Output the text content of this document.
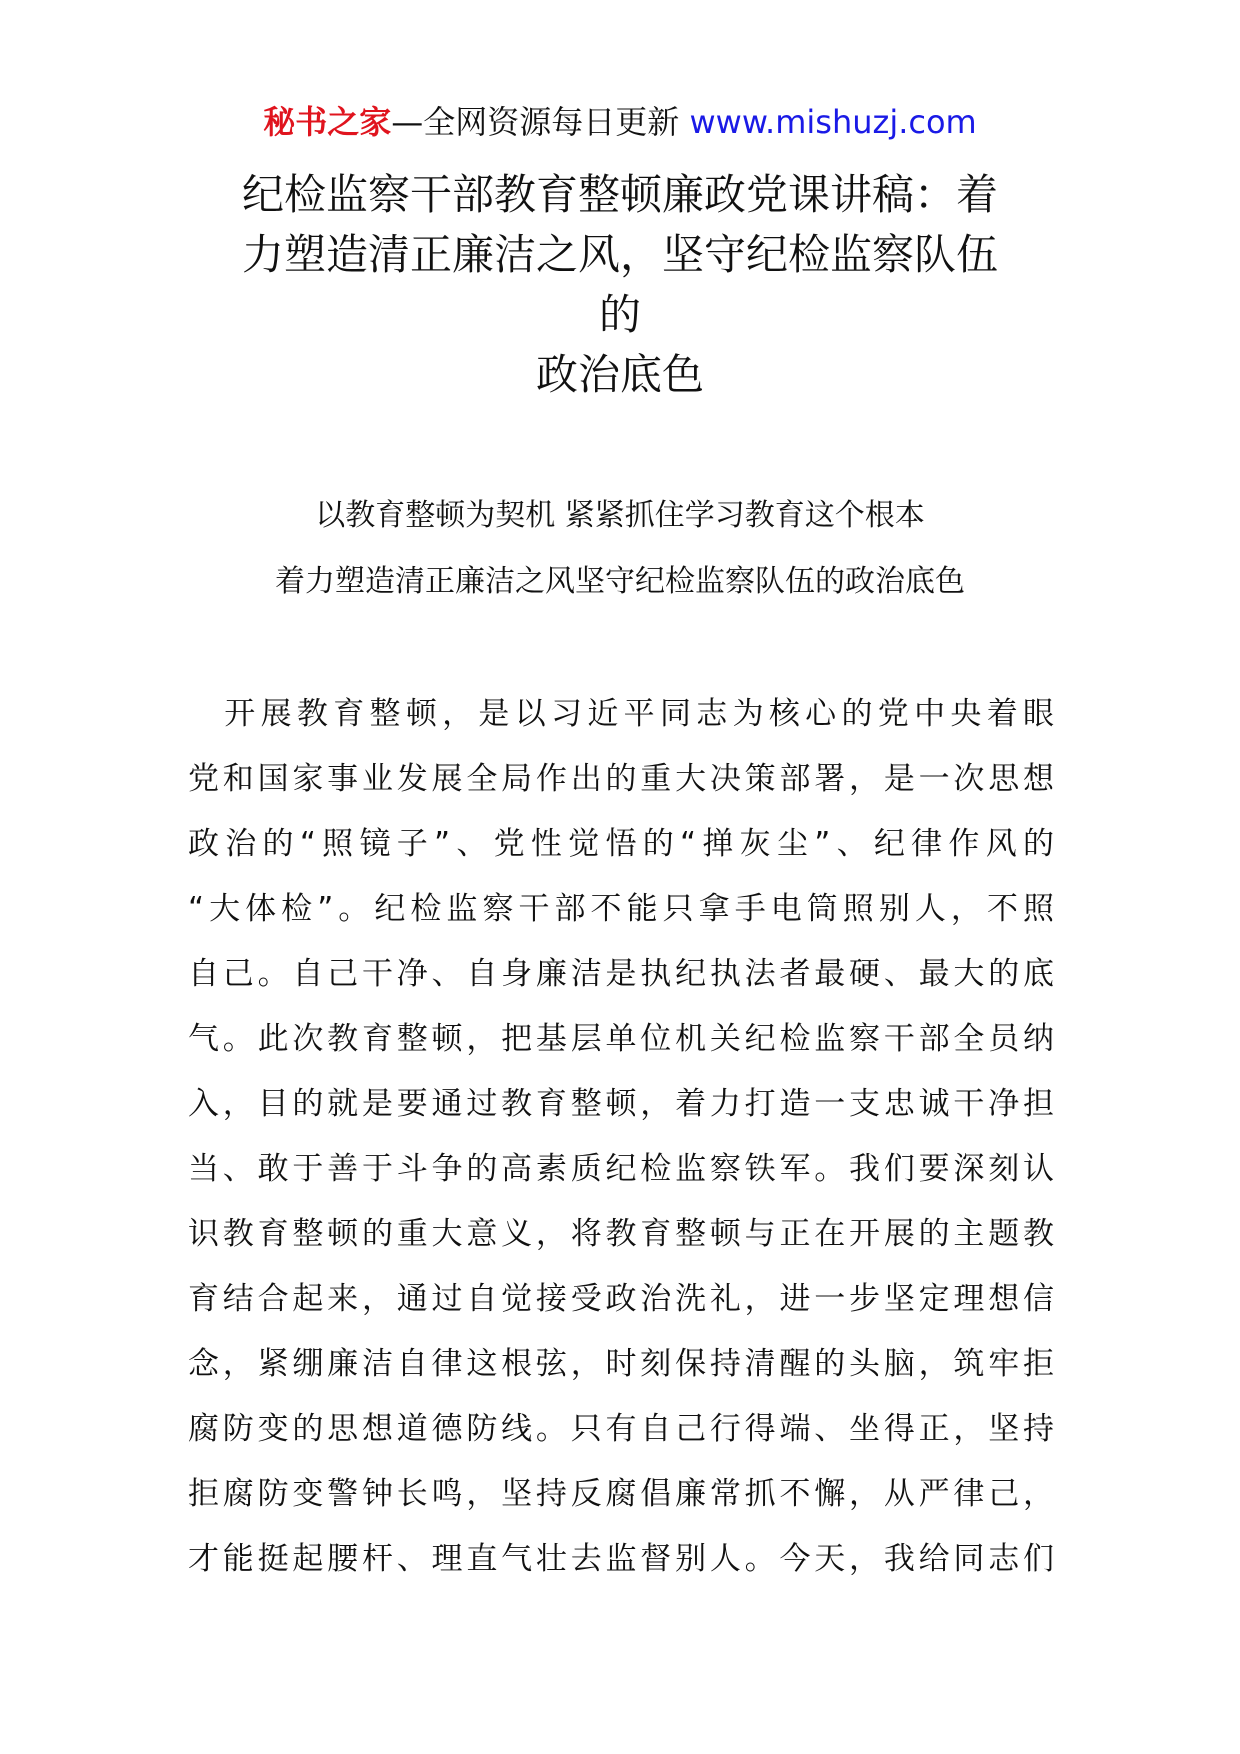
秘书之家—全网资源每日更新 www.mishuzj.com
纪检监察干部教育整顿廉政党课讲稿：着
力塑造清正廉洁之风，坚守纪检监察队伍
的
政治底色
以教育整顿为契机 紧紧抓住学习教育这个根本
着力塑造清正廉洁之风坚守纪检监察队伍的政治底色
　开展教育整顿，是以习近平同志为核心的党中央着眼
党和国家事业发展全局作出的重大决策部署，是一次思想
政治的“照镜子”、党性觉悟的“掸灰尘”、纪律作风的
“大体检”。纪检监察干部不能只拿手电筒照别人，不照
自己。自己干净、自身廉洁是执纪执法者最硬、最大的底
气。此次教育整顿，把基层单位机关纪检监察干部全员纳
入，目的就是要通过教育整顿，着力打造一支忠诚干净担
当、敢于善于斗争的高素质纪检监察铁军。我们要深刻认
识教育整顿的重大意义，将教育整顿与正在开展的主题教
育结合起来，通过自觉接受政治洗礼，进一步坚定理想信
念，紧绷廉洁自律这根弦，时刻保持清醒的头脑，筑牢拒
腐防变的思想道德防线。只有自己行得端、坐得正，坚持
拒腐防变警钟长鸣，坚持反腐倡廉常抓不懈，从严律己，
才能挺起腰杆、理直气壮去监督别人。今天，我给同志们
